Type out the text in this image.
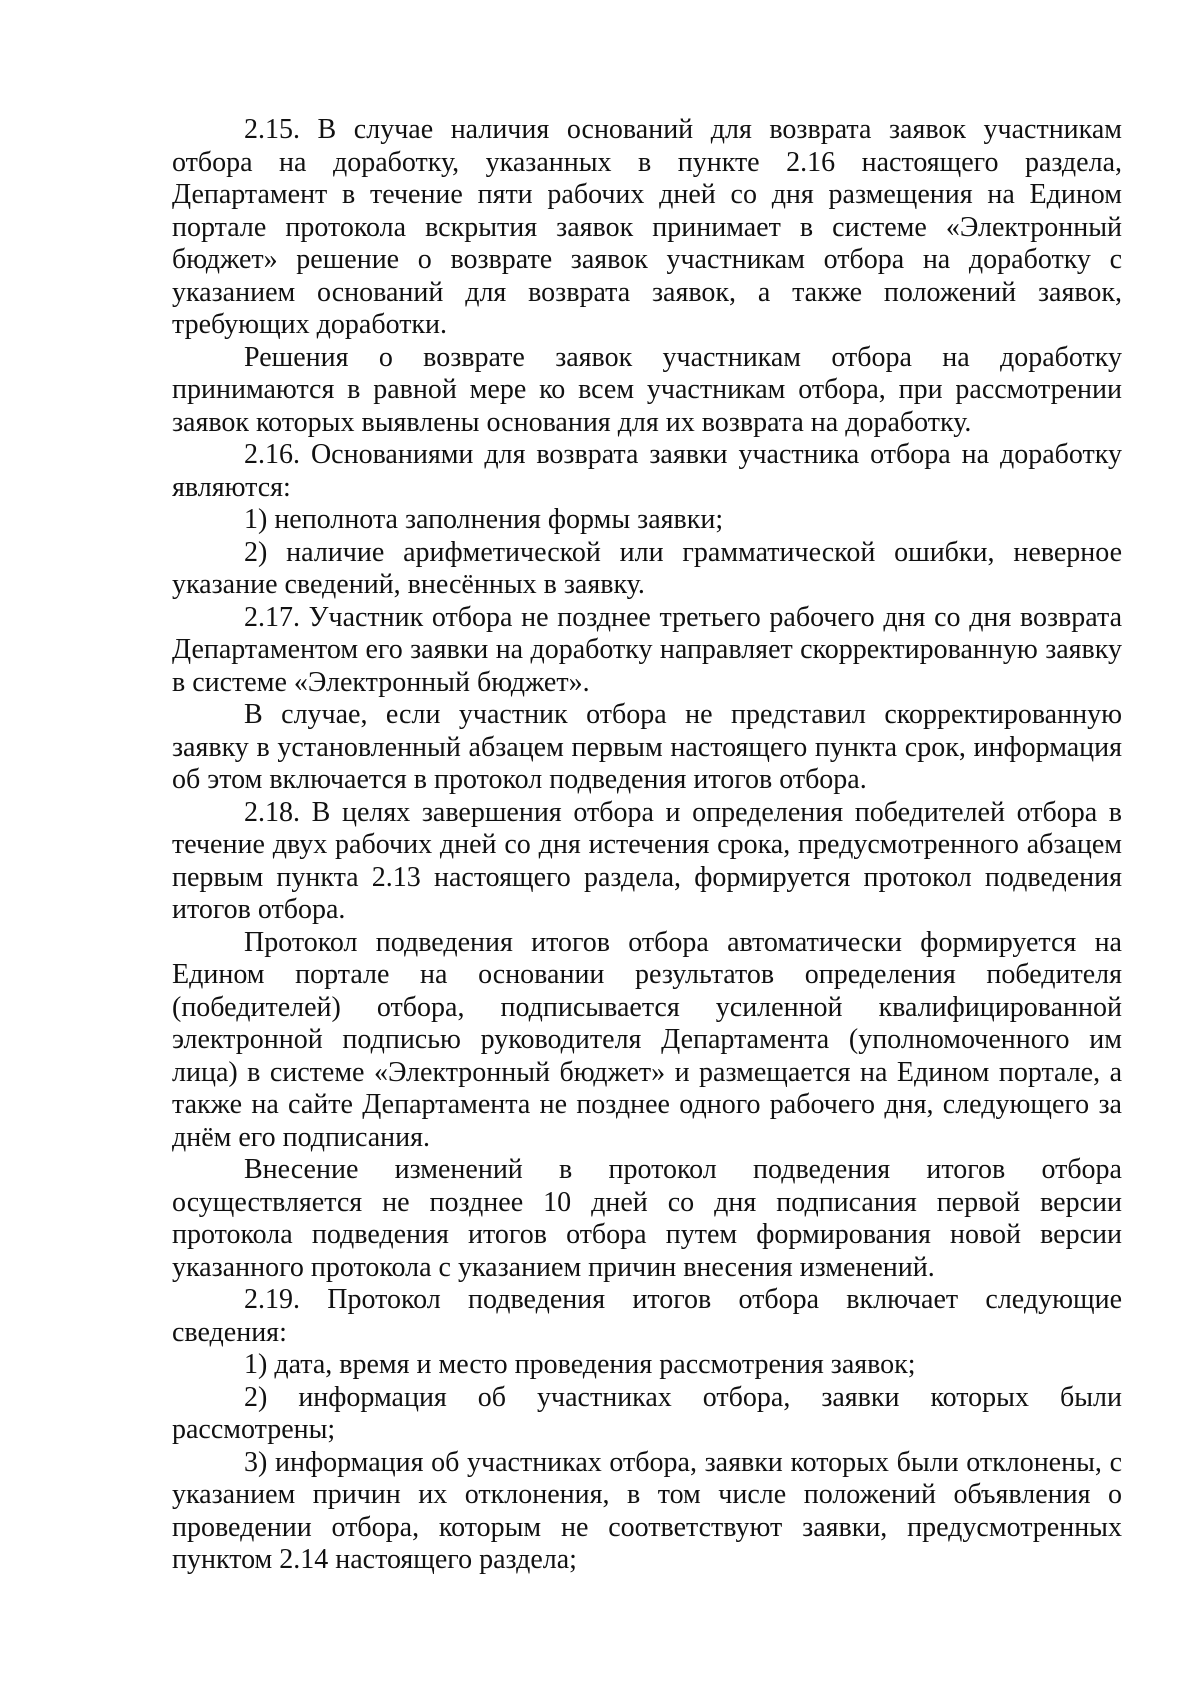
2.15. В случае наличия оснований для возврата заявок участникам отбора на доработку, указанных в пункте 2.16 настоящего раздела, Департамент в течение пяти рабочих дней со дня размещения на Едином портале протокола вскрытия заявок принимает в системе «Электронный бюджет» решение о возврате заявок участникам отбора на доработку с указанием оснований для возврата заявок, а также положений заявок, требующих доработки.

Решения о возврате заявок участникам отбора на доработку принимаются в равной мере ко всем участникам отбора, при рассмотрении заявок которых выявлены основания для их возврата на доработку.

2.16. Основаниями для возврата заявки участника отбора на доработку являются:

1) неполнота заполнения формы заявки;

2) наличие арифметической или грамматической ошибки, неверное указание сведений, внесённых в заявку.

2.17. Участник отбора не позднее третьего рабочего дня со дня возврата Департаментом его заявки на доработку направляет скорректированную заявку в системе «Электронный бюджет».

В случае, если участник отбора не представил скорректированную заявку в установленный абзацем первым настоящего пункта срок, информация об этом включается в протокол подведения итогов отбора.

2.18. В целях завершения отбора и определения победителей отбора в течение двух рабочих дней со дня истечения срока, предусмотренного абзацем первым пункта 2.13 настоящего раздела, формируется протокол подведения итогов отбора.

Протокол подведения итогов отбора автоматически формируется на Едином портале на основании результатов определения победителя (победителей) отбора, подписывается усиленной квалифицированной электронной подписью руководителя Департамента (уполномоченного им лица) в системе «Электронный бюджет» и размещается на Едином портале, а также на сайте Департамента не позднее одного рабочего дня, следующего за днём его подписания.

Внесение изменений в протокол подведения итогов отбора осуществляется не позднее 10 дней со дня подписания первой версии протокола подведения итогов отбора путем формирования новой версии указанного протокола с указанием причин внесения изменений.

2.19. Протокол подведения итогов отбора включает следующие сведения:

1) дата, время и место проведения рассмотрения заявок;

2) информация об участниках отбора, заявки которых были рассмотрены;

3) информация об участниках отбора, заявки которых были отклонены, с указанием причин их отклонения, в том числе положений объявления о проведении отбора, которым не соответствуют заявки, предусмотренных пунктом 2.14 настоящего раздела;
